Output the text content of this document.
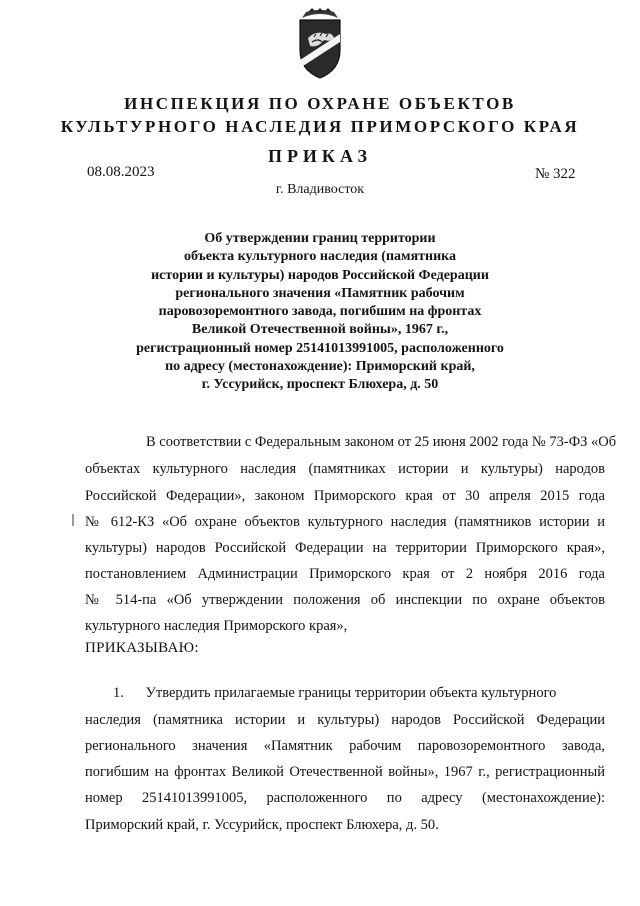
ИНСПЕКЦИЯ ПО ОХРАНЕ ОБЪЕКТОВ
КУЛЬТУРНОГО НАСЛЕДИЯ ПРИМОРСКОГО КРАЯ
ПРИКАЗ
08.08.2023	№ 322
г. Владивосток
Об утверждении границ территории
объекта культурного наследия (памятника
истории и культуры) народов Российской Федерации
регионального значения «Памятник рабочим
паровозоремонтного завода, погибшим на фронтах
Великой Отечественной войны», 1967 г.,
регистрационный номер 25141013991005, расположенного
по адресу (местонахождение): Приморский край,
г. Уссурийск, проспект Блюхера, д. 50
В соответствии с Федеральным законом от 25 июня 2002 года № 73-ФЗ «Об
объектах культурного наследия (памятниках истории и культуры) народов
Российской Федерации», законом Приморского края от 30 апреля 2015 года
№ 612-КЗ «Об охране объектов культурного наследия (памятников истории и
культуры) народов Российской Федерации на территории Приморского края»,
постановлением Администрации Приморского края от 2 ноября 2016 года
№ 514-па «Об утверждении положения об инспекции по охране объектов
культурного наследия Приморского края»,
ПРИКАЗЫВАЮ:
1.      Утвердить прилагаемые границы территории объекта культурного
наследия (памятника истории и культуры) народов Российской Федерации
регионального значения «Памятник рабочим паровозоремонтного завода,
погибшим на фронтах Великой Отечественной войны», 1967 г., регистрационный
номер 25141013991005, расположенного по адресу (местонахождение):
Приморский край, г. Уссурийск, проспект Блюхера, д. 50.
